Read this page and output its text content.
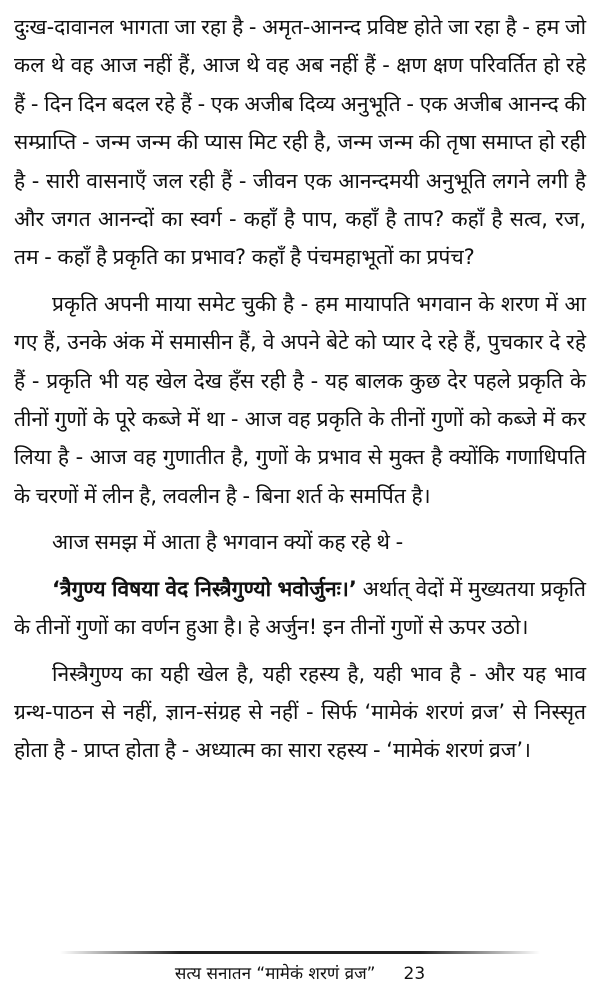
दुःख-दावानल भागता जा रहा है - अमृत-आनन्द प्रविष्ट होते जा रहा है - हम जो कल थे वह आज नहीं हैं, आज थे वह अब नहीं हैं - क्षण क्षण परिवर्तित हो रहे हैं - दिन दिन बदल रहे हैं - एक अजीब दिव्य अनुभूति - एक अजीब आनन्द की सम्प्राप्ति - जन्म जन्म की प्यास मिट रही है, जन्म जन्म की तृषा समाप्त हो रही है - सारी वासनाएँ जल रही हैं - जीवन एक आनन्दमयी अनुभूति लगने लगी है और जगत आनन्दों का स्वर्ग - कहाँ है पाप, कहाँ है ताप? कहाँ है सत्व, रज, तम - कहाँ है प्रकृति का प्रभाव? कहाँ है पंचमहाभूतों का प्रपंच?

प्रकृति अपनी माया समेट चुकी है - हम मायापति भगवान के शरण में आ गए हैं, उनके अंक में समासीन हैं, वे अपने बेटे को प्यार दे रहे हैं, पुचकार दे रहे हैं - प्रकृति भी यह खेल देख हँस रही है - यह बालक कुछ देर पहले प्रकृति के तीनों गुणों के पूरे कब्जे में था - आज वह प्रकृति के तीनों गुणों को कब्जे में कर लिया है - आज वह गुणातीत है, गुणों के प्रभाव से मुक्त है क्योंकि गणाधिपति के चरणों में लीन है, लवलीन है - बिना शर्त के समर्पित है।

आज समझ में आता है भगवान क्यों कह रहे थे -

‘त्रैगुण्य विषया वेद निस्त्रैगुण्यो भवोर्जुनः।’ अर्थात् वेदों में मुख्यतया प्रकृति के तीनों गुणों का वर्णन हुआ है। हे अर्जुन! इन तीनों गुणों से ऊपर उठो।

निस्त्रैगुण्य का यही खेल है, यही रहस्य है, यही भाव है - और यह भाव ग्रन्थ-पाठन से नहीं, ज्ञान-संग्रह से नहीं - सिर्फ ‘मामेकं शरणं व्रज’ से निस्सृत होता है - प्राप्त होता है - अध्यात्म का सारा रहस्य - ‘मामेकं शरणं व्रज’।

सत्य सनातन “मामेकं शरणं व्रज” 23
